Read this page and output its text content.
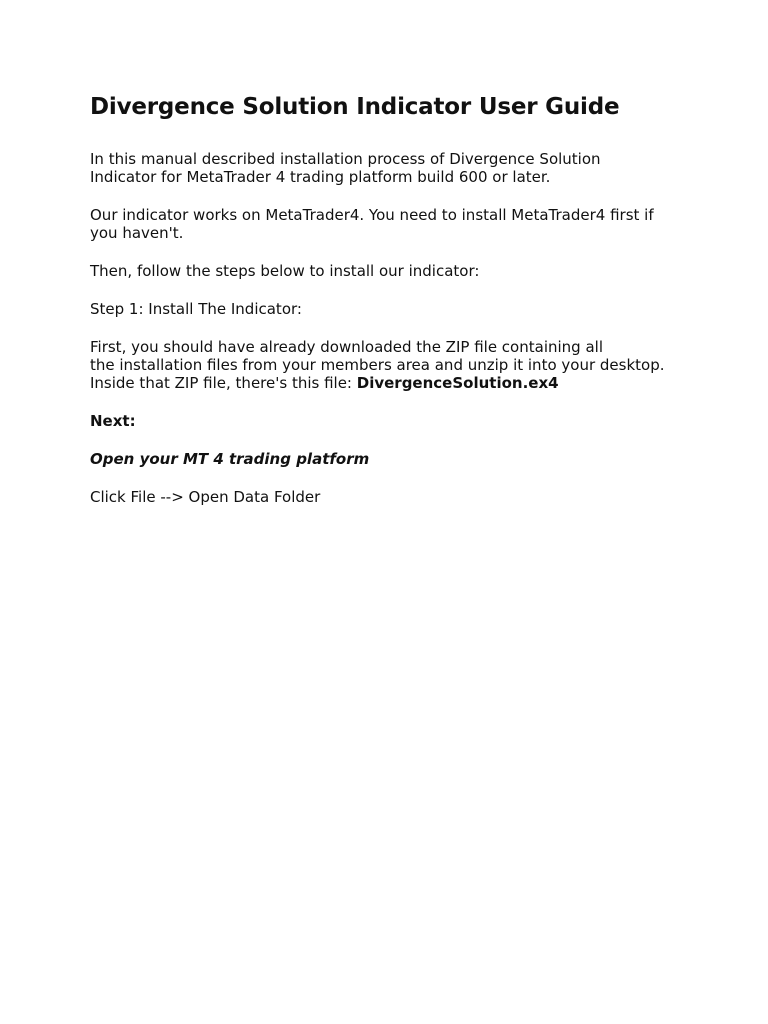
Divergence Solution Indicator User Guide

In this manual described installation process of Divergence Solution
Indicator for MetaTrader 4 trading platform build 600 or later.

Our indicator works on MetaTrader4. You need to install MetaTrader4 first if
you haven't.

Then, follow the steps below to install our indicator:

Step 1: Install The Indicator:

First, you should have already downloaded the ZIP file containing all
the installation files from your members area and unzip it into your desktop.
Inside that ZIP file, there's this file: DivergenceSolution.ex4

Next:

Open your MT 4 trading platform

Click File --> Open Data Folder
